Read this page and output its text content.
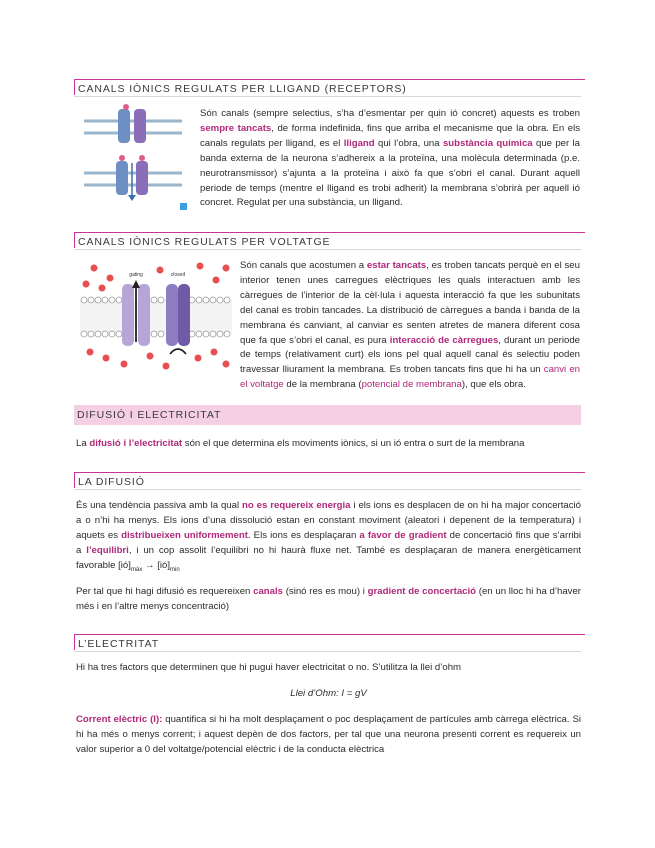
CANALS IÒNICS REGULATS PER LLIGAND (RECEPTORS)

Són canals (sempre selectius, s’ha d’esmentar per quin ió concret) aquests es troben sempre tancats, de forma indefinida, fins que arriba el mecanisme que la obra. En els canals regulats per lligand, es el lligand qui l’obra, una substància química que per la banda externa de la neurona s’adhereix a la proteïna, una molècula determinada (p.e. neurotransmissor) s’ajunta a la proteïna i això fa que s’obri el canal. Durant aquell periode de temps (mentre el lligand es trobi adherit) la membrana s’obrirà per aquell ió concret. Regulat per una substància, un lligand.

CANALS IÒNICS REGULATS PER VOLTATGE
gating	closed

Són canals que acostumen a estar tancats, es troben tancats perquè en el seu interior tenen unes carregues elèctriques les quals interactuen amb les càrregues de l’interior de la cèl·lula i aquesta interacció fa que les subunitats del canal es trobin tancades. La distribució de càrregues a banda i banda de la membrana és canviant, al canviar es senten atretes de manera diferent cosa que fa que s’obri el canal, es pura interacció de càrregues, durant un periode de temps (relativament curt) els ions pel qual aquell canal és selectiu poden travessar lliurament la membrana. Es troben tancats fins que hi ha un canvi en el voltatge de la membrana (potencial de membrana), que els obra.

DIFUSIÓ I ELECTRICITAT

La difusió i l’electricitat són el que determina els moviments iònics, si un ió entra o surt de la membrana

LA DIFUSIÓ

És una tendència passiva amb la qual no es requereix energia i els ions es desplacen de on hi ha major concertació a o n’hi ha menys. Els ions d’una dissolució estan en constant moviment (aleatori i depenent de la temperatura) i aquets es distribueixen uniformement. Els ions es desplaçaran a favor de gradient de concertació fins que s’arribi a l’equilibri, i un cop assolit l’equilibri no hi haurà fluxe net. També es desplaçaran de manera energèticament favorable $[ió]_{màx}$ → $[ió]_{min}$

Per tal que hi hagi difusió es requereixen canals (sinó res es mou) i gradient de concertació (en un lloc hi ha d’haver més i en l’altre menys concentració)

L’ELECTRITAT

Hi ha tres factors que determinen que hi pugui haver electricitat o no. S’utilitza la llei d’ohm

Llei d’Ohm: I = gV

Corrent elèctric (I): quantifica si hi ha molt desplaçament o poc desplaçament de partícules amb càrrega elèctrica. Si hi ha més o menys corrent; i aquest depèn de dos factors, per tal que una neurona presenti corrent es requereix un valor superior a 0 del voltatge/potencial elèctric i de la conducta elèctrica
